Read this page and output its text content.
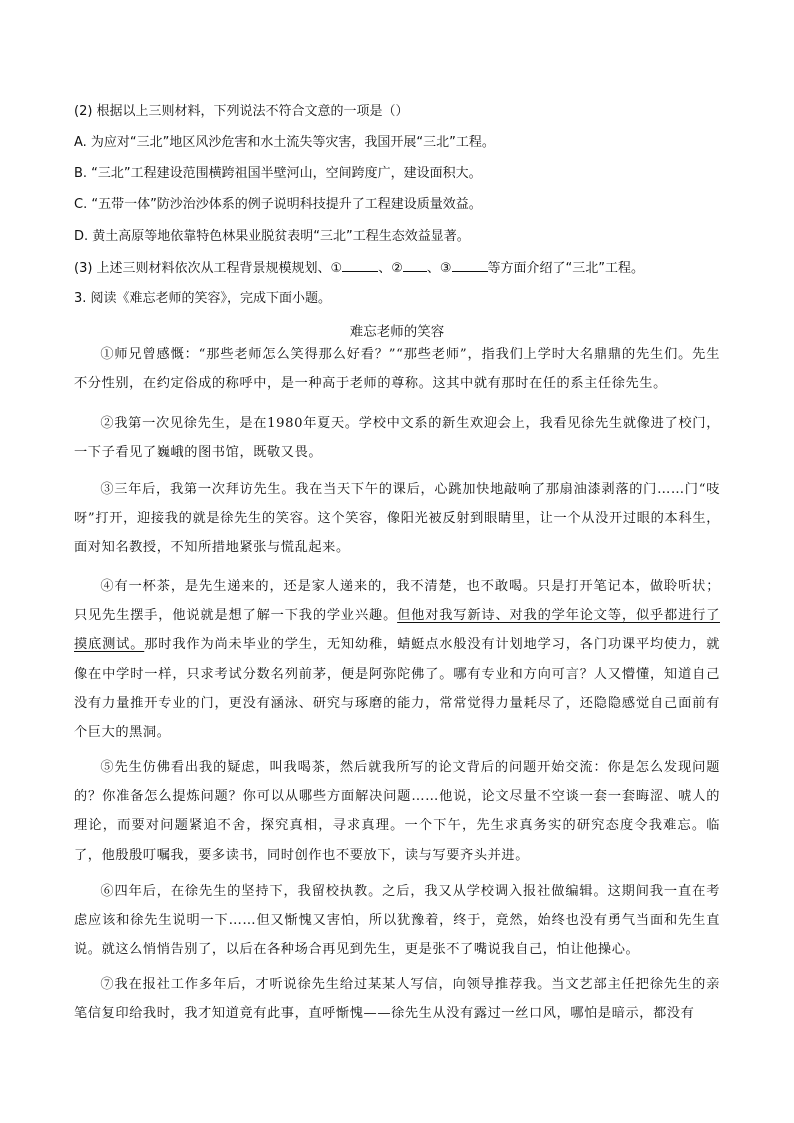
(2) 根据以上三则材料，下列说法不符合文意的一项是（）
A. 为应对“三北”地区风沙危害和水土流失等灾害，我国开展“三北”工程。
B. “三北”工程建设范围横跨祖国半壁河山，空间跨度广，建设面积大。
C. “五带一体”防沙治沙体系的例子说明科技提升了工程建设质量效益。
D. 黄土高原等地依靠特色林果业脱贫表明“三北”工程生态效益显著。
(3) 上述三则材料依次从工程背景规模规划、①	、② 、③	等方面介绍了“三北”工程。
3. 阅读《难忘老师的笑容》，完成下面小题。
难忘老师的笑容

①师兄曾感慨：“那些老师怎么笑得那么好看？”“那些老师”，指我们上学时大名鼎鼎的先生们。先生不分性别，在约定俗成的称呼中，是一种高于老师的尊称。这其中就有那时在任的系主任徐先生。

②我第一次见徐先生，是在1980年夏天。学校中文系的新生欢迎会上，我看见徐先生就像进了校门，一下子看见了巍峨的图书馆，既敬又畏。

③三年后，我第一次拜访先生。我在当天下午的课后，心跳加快地敲响了那扇油漆剥落的门……门“吱呀”打开，迎接我的就是徐先生的笑容。这个笑容，像阳光被反射到眼睛里，让一个从没开过眼的本科生，面对知名教授，不知所措地紧张与慌乱起来。

④有一杯茶，是先生递来的，还是家人递来的，我不清楚，也不敢喝。只是打开笔记本，做聆听状；只见先生摆手，他说就是想了解一下我的学业兴趣。但他对我写新诗、对我的学年论文等，似乎都进行了摸底测试。那时我作为尚未毕业的学生，无知幼稚，蜻蜓点水般没有计划地学习，各门功课平均使力，就像在中学时一样，只求考试分数名列前茅，便是阿弥陀佛了。哪有专业和方向可言？人又懵懂，知道自己没有力量推开专业的门，更没有涵泳、研究与琢磨的能力，常常觉得力量耗尽了，还隐隐感觉自己面前有个巨大的黑洞。

⑤先生仿佛看出我的疑虑，叫我喝茶，然后就我所写的论文背后的问题开始交流：你是怎么发现问题的？你准备怎么提炼问题？你可以从哪些方面解决问题……他说，论文尽量不空谈一套一套晦涩、唬人的理论，而要对问题紧追不舍，探究真相，寻求真理。一个下午，先生求真务实的研究态度令我难忘。临了，他殷殷叮嘱我，要多读书，同时创作也不要放下，读与写要齐头并进。

⑥四年后，在徐先生的坚持下，我留校执教。之后，我又从学校调入报社做编辑。这期间我一直在考虑应该和徐先生说明一下……但又惭愧又害怕，所以犹豫着，终于，竟然，始终也没有勇气当面和先生直说。就这么悄悄告别了，以后在各种场合再见到先生，更是张不了嘴说我自己，怕让他操心。

⑦我在报社工作多年后，才听说徐先生给过某某人写信，向领导推荐我。当文艺部主任把徐先生的亲笔信复印给我时，我才知道竟有此事，直呼惭愧——徐先生从没有露过一丝口风，哪怕是暗示，都没有
